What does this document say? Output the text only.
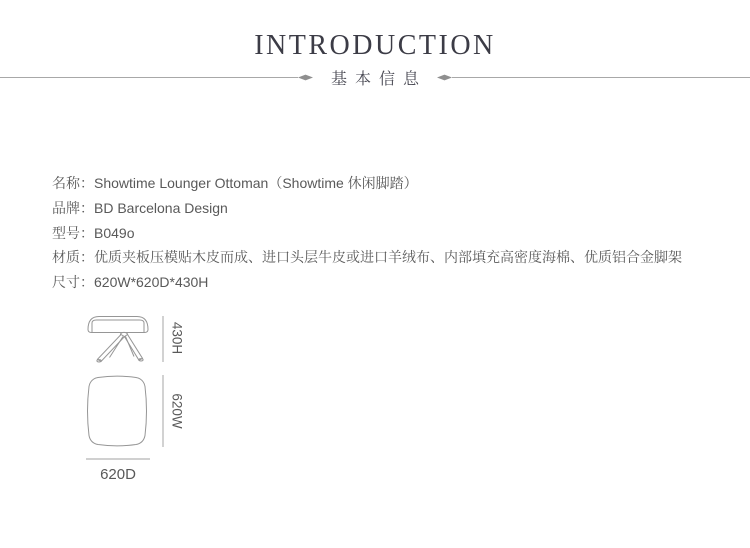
INTRODUCTION
基本信息
名称：Showtime Lounger Ottoman（Showtime 休闲脚踏）
品牌：BD Barcelona Design
型号：B049o
材质：优质夹板压模贴木皮而成、进口头层牛皮或进口羊绒布、内部填充高密度海棉、优质铝合金脚架
尺寸：620W*620D*430H
430H
620W
620D
